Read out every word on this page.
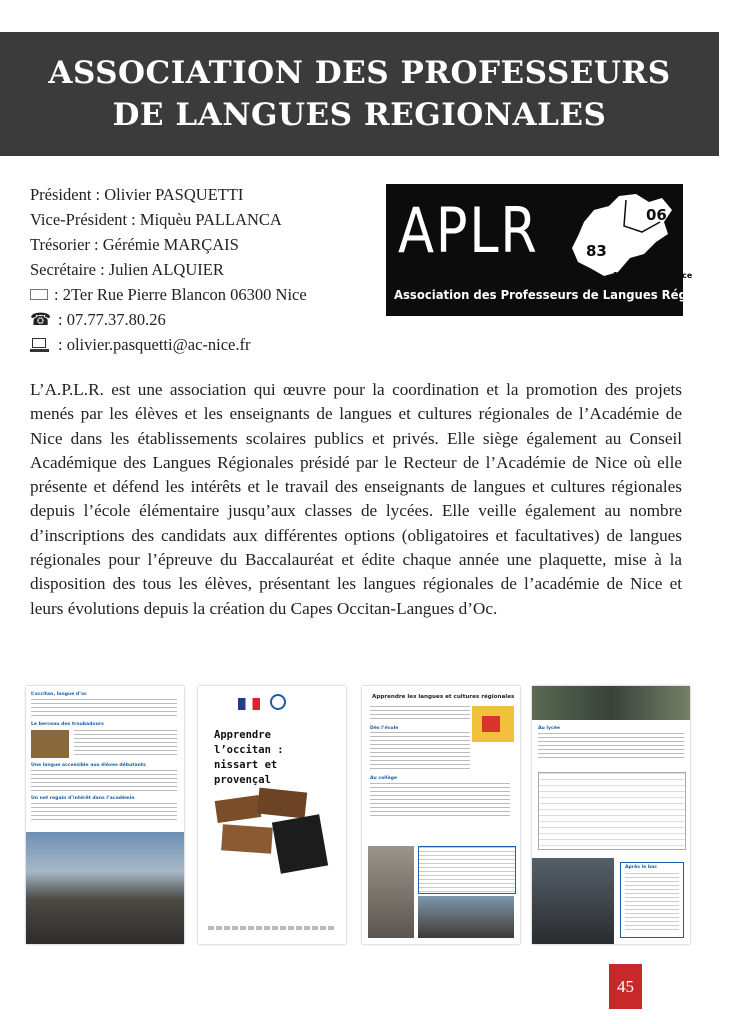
ASSOCIATION DES PROFESSEURS
DE LANGUES REGIONALES
Président : Olivier PASQUETTI
Vice-Président : Miquèu PALLANCA
Trésorier : Gérémie MARÇAIS
Secrétaire : Julien ALQUIER
: 2Ter Rue Pierre Blancon 06300 Nice
☎ : 07.77.37.80.26
: olivier.pasquetti@ac-nice.fr
APLR	06
83
Académie de Nice
Association des Professeurs de Langues Régionales
L’A.P.L.R. est une association qui œuvre pour la coordination et la promotion des projets menés par les élèves et les enseignants de langues et cultures régionales de l’Académie de Nice dans les établissements scolaires publics et privés. Elle siège également au Conseil Académique des Langues Régionales présidé par le Recteur de l’Académie de Nice où elle présente et défend les intérêts et le travail des enseignants de langues et cultures régionales depuis l’école élémentaire jusqu’aux classes de lycées. Elle veille également au nombre d’inscriptions des candidats aux différentes options (obligatoires et facultatives) de langues régionales pour l’épreuve du Baccalauréat et édite chaque année une plaquette, mise à la disposition des tous les élèves, présentant les langues régionales de l’académie de Nice et leurs évolutions depuis la création du Capes Occitan-Langues d’Oc.
L’occitan, langue d’oc
Le berceau des troubadours
Une langue accessible aux élèves débutants
Un net regain d’intérêt dans l’académie
Apprendre l’occitan :
nissart et provençal
Apprendre les langues et cultures régionales
Dès l’école
Au collège
Au lycée
Après le bac
45
